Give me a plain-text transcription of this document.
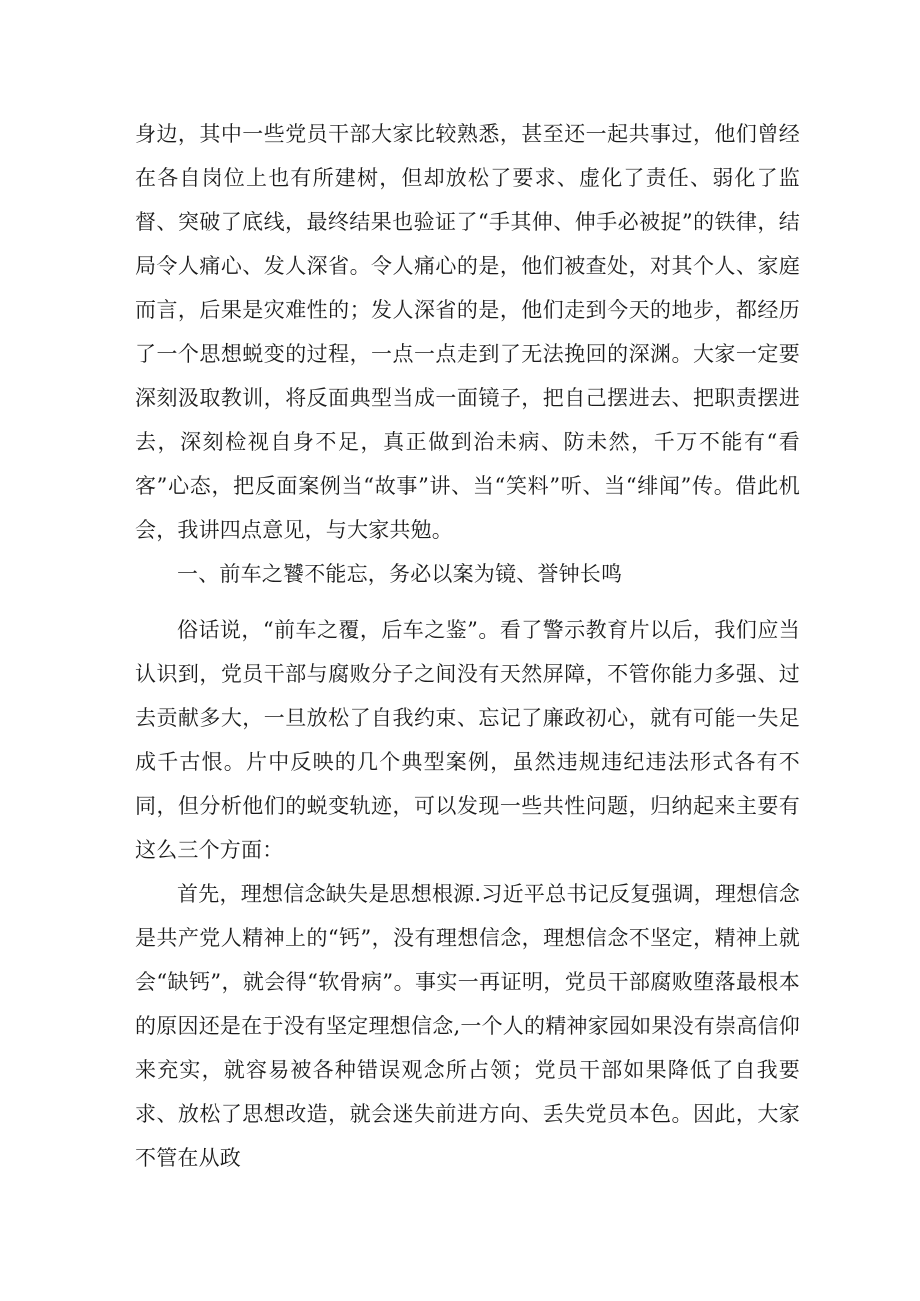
身边，其中一些党员干部大家比较熟悉，甚至还一起共事过，他们曾经在各自岗位上也有所建树，但却放松了要求、虚化了责任、弱化了监督、突破了底线，最终结果也验证了“手其伸、伸手必被捉”的铁律，结局令人痛心、发人深省。令人痛心的是，他们被查处，对其个人、家庭而言，后果是灾难性的；发人深省的是，他们走到今天的地步，都经历了一个思想蜕变的过程，一点一点走到了无法挽回的深渊。大家一定要深刻汲取教训，将反面典型当成一面镜子，把自己摆进去、把职责摆进去，深刻检视自身不足，真正做到治未病、防未然，千万不能有“看客”心态，把反面案例当“故事”讲、当“笑料”听、当“绯闻”传。借此机会，我讲四点意见，与大家共勉。

一、前车之饕不能忘，务必以案为镜、誉钟长鸣

俗话说，“前车之覆，后车之鉴”。看了警示教育片以后，我们应当认识到，党员干部与腐败分子之间没有天然屏障，不管你能力多强、过去贡献多大，一旦放松了自我约束、忘记了廉政初心，就有可能一失足成千古恨。片中反映的几个典型案例，虽然违规违纪违法形式各有不同，但分析他们的蜕变轨迹，可以发现一些共性问题，归纳起来主要有这么三个方面：

首先，理想信念缺失是思想根源.习近平总书记反复强调，理想信念是共产党人精神上的“钙”，没有理想信念，理想信念不坚定，精神上就会“缺钙”，就会得“软骨病”。事实一再证明，党员干部腐败堕落最根本的原因还是在于没有坚定理想信念,一个人的精神家园如果没有崇高信仰来充实，就容易被各种错误观念所占领；党员干部如果降低了自我要求、放松了思想改造，就会迷失前进方向、丢失党员本色。因此，大家不管在从政
